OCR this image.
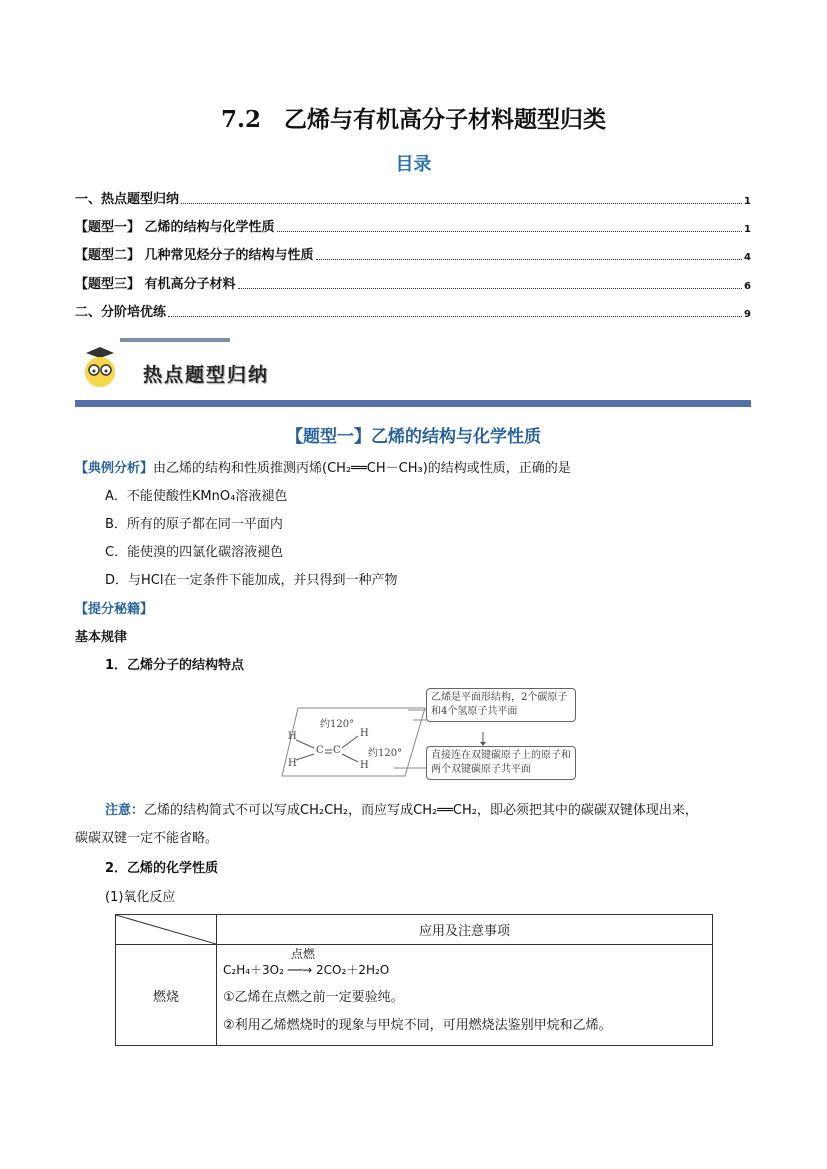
7.2　乙烯与有机高分子材料题型归类
目录
一、热点题型归纳	1
【题型一】 乙烯的结构与化学性质	1
【题型二】 几种常见烃分子的结构与性质	4
【题型三】 有机高分子材料	6
二、分阶培优练	9
热点题型归纳
【题型一】乙烯的结构与化学性质
【典例分析】由乙烯的结构和性质推测丙烯(CH₂══CH－CH₃)的结构或性质，正确的是
A．不能使酸性KMnO₄溶液褪色
B．所有的原子都在同一平面内
C．能使溴的四氯化碳溶液褪色
D．与HCl在一定条件下能加成，并只得到一种产物
【提分秘籍】
基本规律
1．乙烯分子的结构特点
H
H
C C
H
H
约120°
约120°
乙烯是平面形结构，2个碳原子和4个氢原子共平面
直接连在双键碳原子上的原子和两个双键碳原子共平面
注意：乙烯的结构简式不可以写成CH₂CH₂，而应写成CH₂══CH₂，即必须把其中的碳碳双键体现出来，
碳碳双键一定不能省略。
2．乙烯的化学性质
(1)氧化反应
	应用及注意事项
燃烧	点燃
C₂H₄＋3O₂ ──→ 2CO₂＋2H₂O
①乙烯在点燃之前一定要验纯。
②利用乙烯燃烧时的现象与甲烷不同，可用燃烧法鉴别甲烷和乙烯。
